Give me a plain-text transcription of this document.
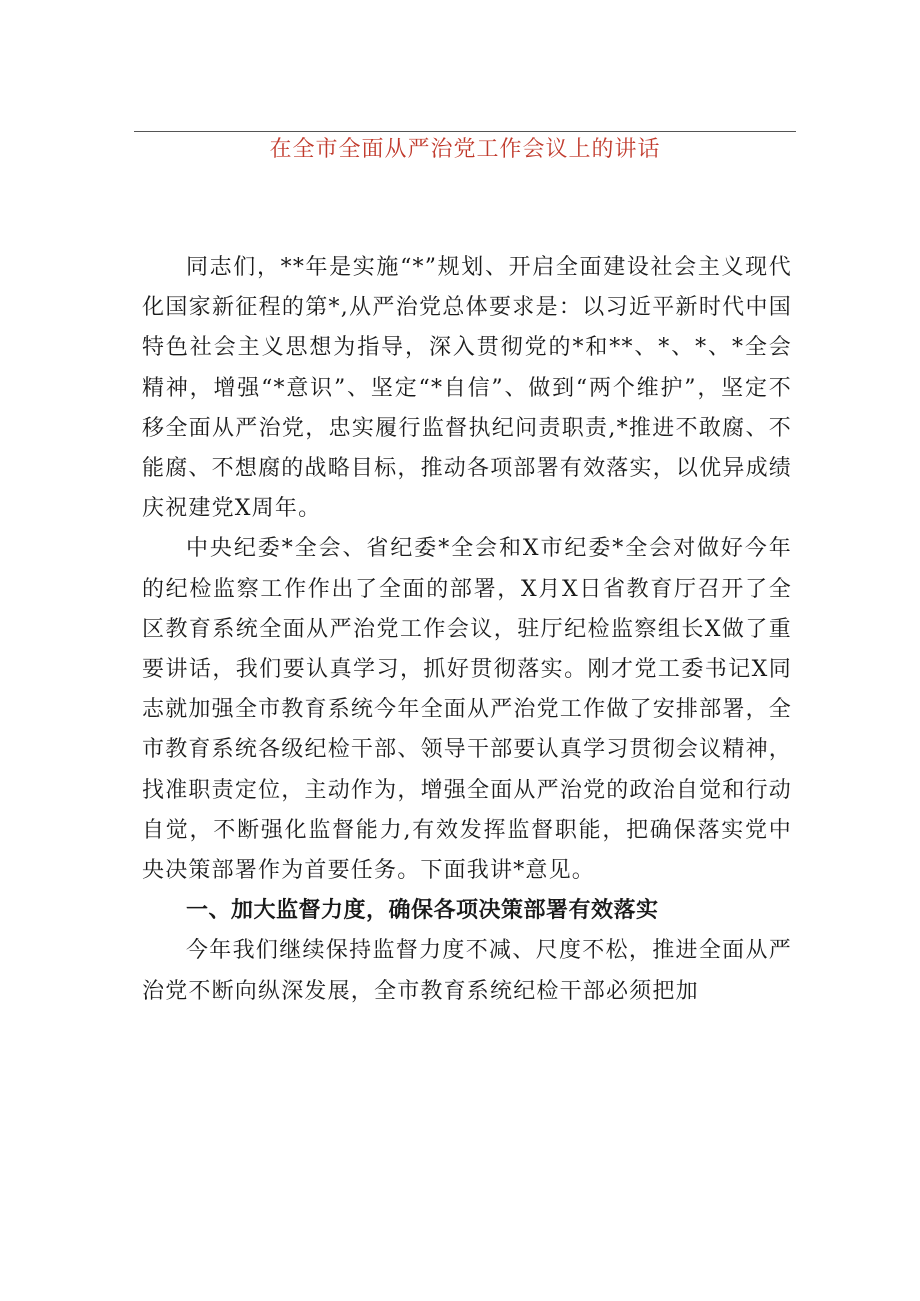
在全市全面从严治党工作会议上的讲话

同志们，**年是实施“*”规划、开启全面建设社会主义现代化国家新征程的第*,从严治党总体要求是：以习近平新时代中国特色社会主义思想为指导，深入贯彻党的*和**、*、*、*全会精神，增强“*意识”、坚定“*自信”、做到“两个维护”，坚定不移全面从严治党，忠实履行监督执纪问责职责,*推进不敢腐、不能腐、不想腐的战略目标，推动各项部署有效落实，以优异成绩庆祝建党X周年。

中央纪委*全会、省纪委*全会和X市纪委*全会对做好今年的纪检监察工作作出了全面的部署，X月X日省教育厅召开了全区教育系统全面从严治党工作会议，驻厅纪检监察组长X做了重要讲话，我们要认真学习，抓好贯彻落实。刚才党工委书记X同志就加强全市教育系统今年全面从严治党工作做了安排部署，全市教育系统各级纪检干部、领导干部要认真学习贯彻会议精神，找准职责定位，主动作为，增强全面从严治党的政治自觉和行动自觉，不断强化监督能力,有效发挥监督职能，把确保落实党中央决策部署作为首要任务。下面我讲*意见。

一、加大监督力度，确保各项决策部署有效落实

今年我们继续保持监督力度不减、尺度不松，推进全面从严治党不断向纵深发展，全市教育系统纪检干部必须把加
